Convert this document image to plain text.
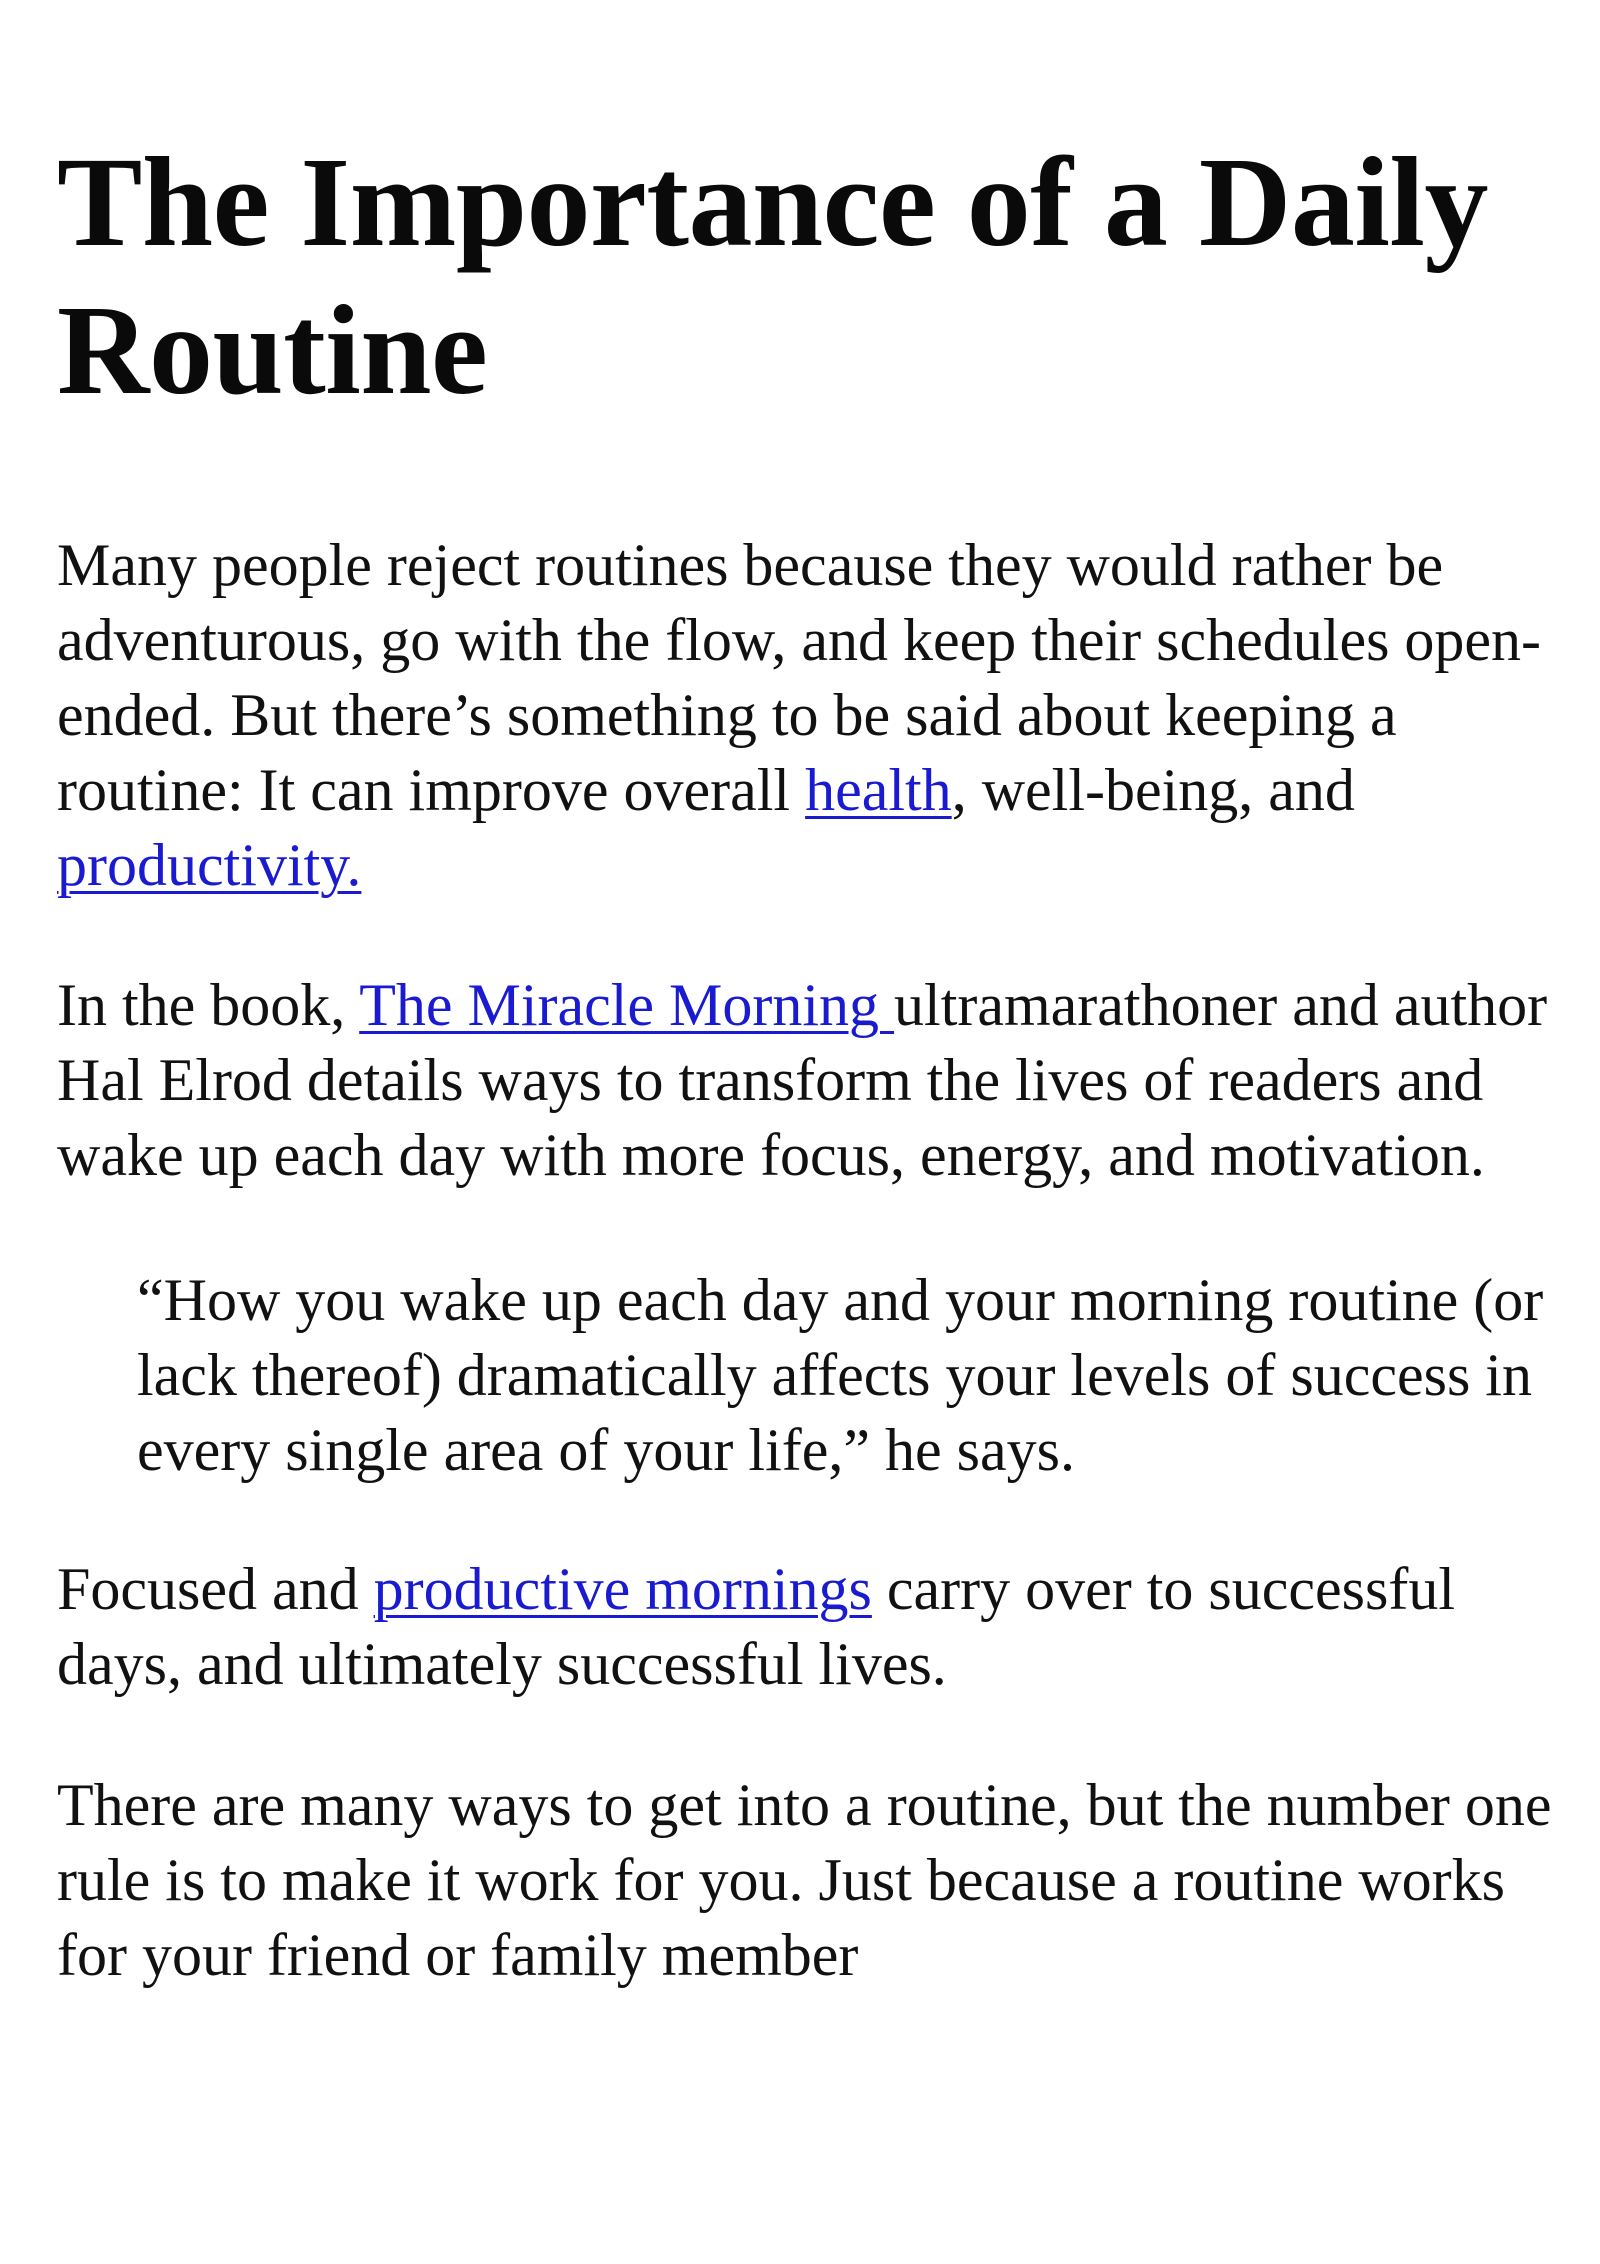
The Importance of a Daily Routine

Many people reject routines because they would rather be adventurous, go with the flow, and keep their schedules open-ended. But there’s something to be said about keeping a routine: It can improve overall health, well-being, and productivity.

In the book, The Miracle Morning ultramarathoner and author Hal Elrod details ways to transform the lives of readers and wake up each day with more focus, energy, and motivation.

“How you wake up each day and your morning routine (or lack thereof) dramatically affects your levels of success in every single area of your life,” he says.

Focused and productive mornings carry over to successful days, and ultimately successful lives.

There are many ways to get into a routine, but the number one rule is to make it work for you. Just because a routine works for your friend or family member
